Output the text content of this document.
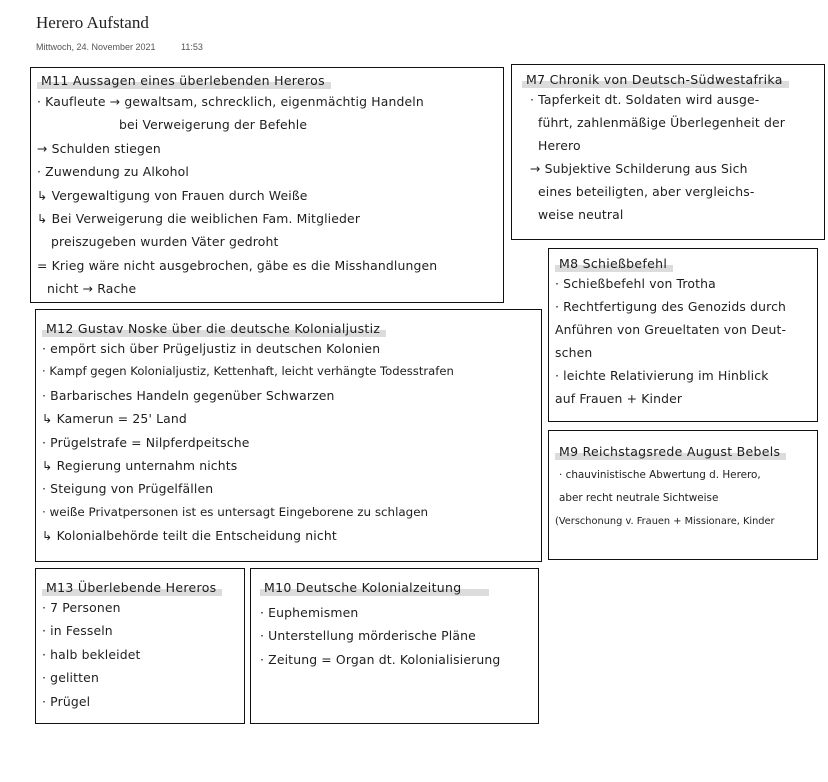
Herero Aufstand
Mittwoch, 24. November 2021	11:53
M11 Aussagen eines überlebenden Hereros
· Kaufleute → gewaltsam, schrecklich, eigenmächtig Handeln
bei Verweigerung der Befehle
→ Schulden stiegen
· Zuwendung zu Alkohol
↳ Vergewaltigung von Frauen durch Weiße
↳ Bei Verweigerung die weiblichen Fam. Mitglieder
preiszugeben wurden Väter gedroht
= Krieg wäre nicht ausgebrochen, gäbe es die Misshandlungen
nicht → Rache
M7 Chronik von Deutsch-Südwestafrika
· Tapferkeit dt. Soldaten wird ausge-
führt, zahlenmäßige Überlegenheit der
Herero
→ Subjektive Schilderung aus Sich
eines beteiligten, aber vergleichs-
weise neutral
M8 Schießbefehl
· Schießbefehl von Trotha
· Rechtfertigung des Genozids durch
Anführen von Greueltaten von Deut-
schen
· leichte Relativierung im Hinblick
auf Frauen + Kinder
M12 Gustav Noske über die deutsche Kolonialjustiz
· empört sich über Prügeljustiz in deutschen Kolonien
· Kampf gegen Kolonialjustiz, Kettenhaft, leicht verhängte Todesstrafen
· Barbarisches Handeln gegenüber Schwarzen
↳ Kamerun = 25' Land
· Prügelstrafe = Nilpferdpeitsche
↳ Regierung unternahm nichts
· Steigung von Prügelfällen
· weiße Privatpersonen ist es untersagt Eingeborene zu schlagen
↳ Kolonialbehörde teilt die Entscheidung nicht
M9 Reichstagsrede August Bebels
· chauvinistische Abwertung d. Herero,
aber recht neutrale Sichtweise
(Verschonung v. Frauen + Missionare, Kinder
M13 Überlebende Hereros
· 7 Personen
· in Fesseln
· halb bekleidet
· gelitten
· Prügel
M10 Deutsche Kolonialzeitung
· Euphemismen
· Unterstellung mörderische Pläne
· Zeitung = Organ dt. Kolonialisierung
